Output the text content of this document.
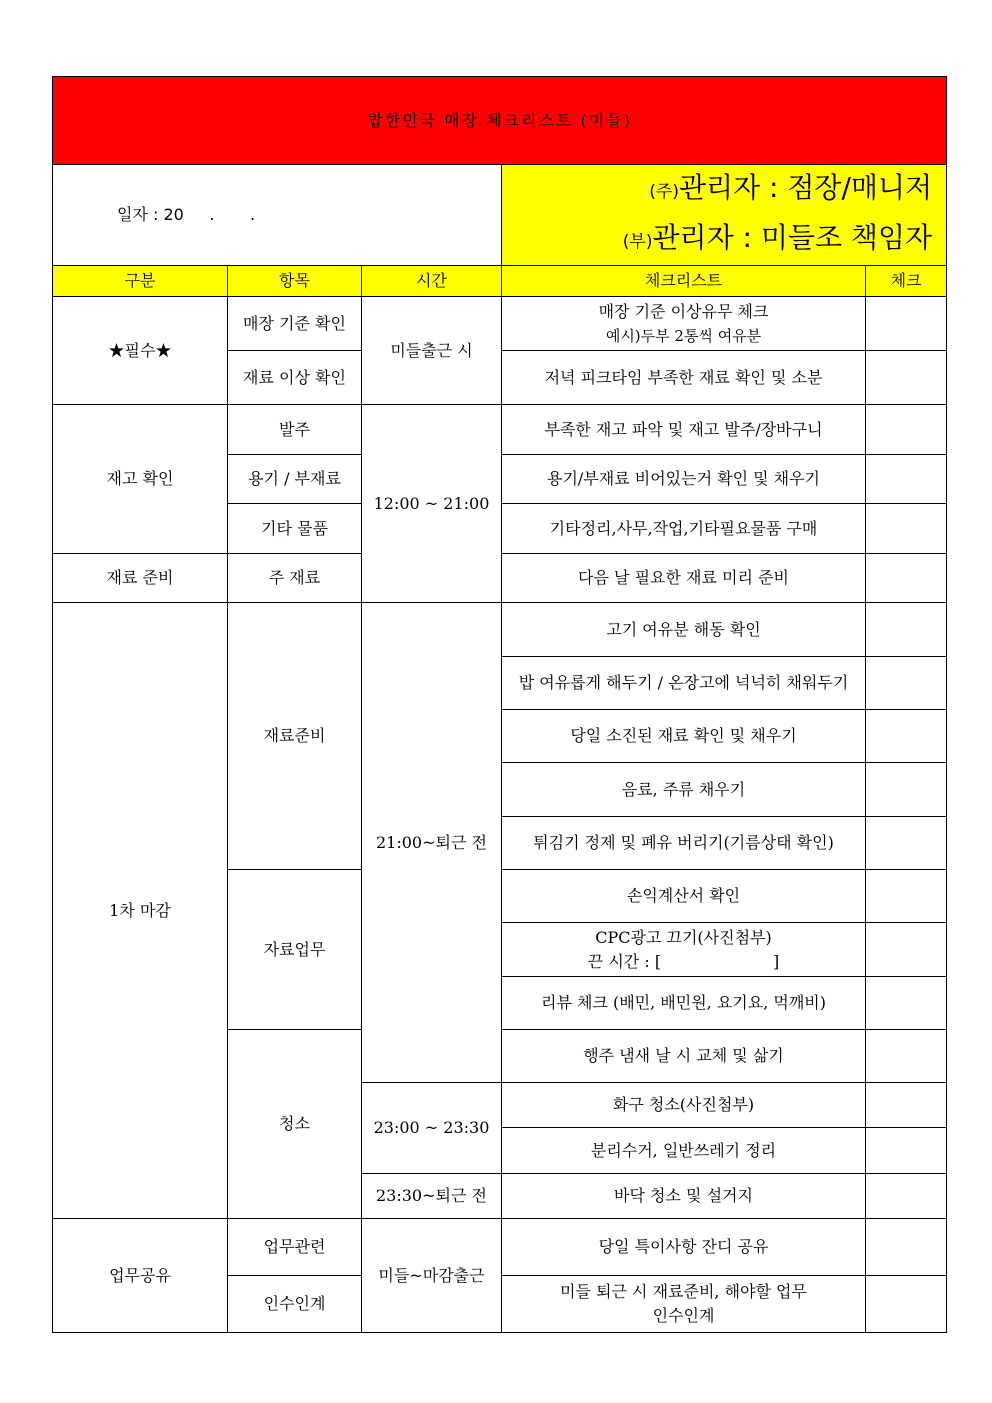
밥한민국 매장 체크리스트 (미들)				
일자 : 20     .       .			(주)관리자 : 점장/매니저
(부)관리자 : 미들조 책임자	

구분	항목	시간	체크리스트	체크
★필수★	매장 기준 확인	미들출근 시	매장 기준 이상유무 체크
예시)두부 2통씩 여유분	

	재료 이상 확인		저녁 피크타임 부족한 재료 확인 및 소분	
재고 확인	발주	12:00 ~ 21:00	부족한 재고 파악 및 재고 발주/장바구니	
	용기 / 부재료		용기/부재료 비어있는거 확인 및 채우기	
	기타 물품		기타정리,사무,작업,기타필요물품 구매	
재료 준비	주 재료		다음 날 필요한 재료 미리 준비	
1차 마감	재료준비	21:00~퇴근 전	고기 여유분 해동 확인	
			밥 여유롭게 해두기 / 온장고에 넉넉히 채워두기	
			당일 소진된 재료 확인 및 채우기	
			음료, 주류 채우기	
			튀김기 정제 및 폐유 버리기(기름상태 확인)	
	자료업무		손익계산서 확인	

			CPC광고 끄기(사진첨부)
끈 시간 : [                      ]	

			리뷰 체크 (배민, 배민원, 요기요, 먹깨비)	
	청소		행주 냄새 날 시 교체 및 삶기	
		23:00 ~ 23:30	화구 청소(사진첨부)	
			분리수거, 일반쓰레기 정리	
		23:30~퇴근 전	바닥 청소 및 설거지	
업무공유	업무관련	미들~마감출근	당일 특이사항 잔디 공유	
	인수인계		미들 퇴근 시 재료준비, 해야할 업무
인수인계	
